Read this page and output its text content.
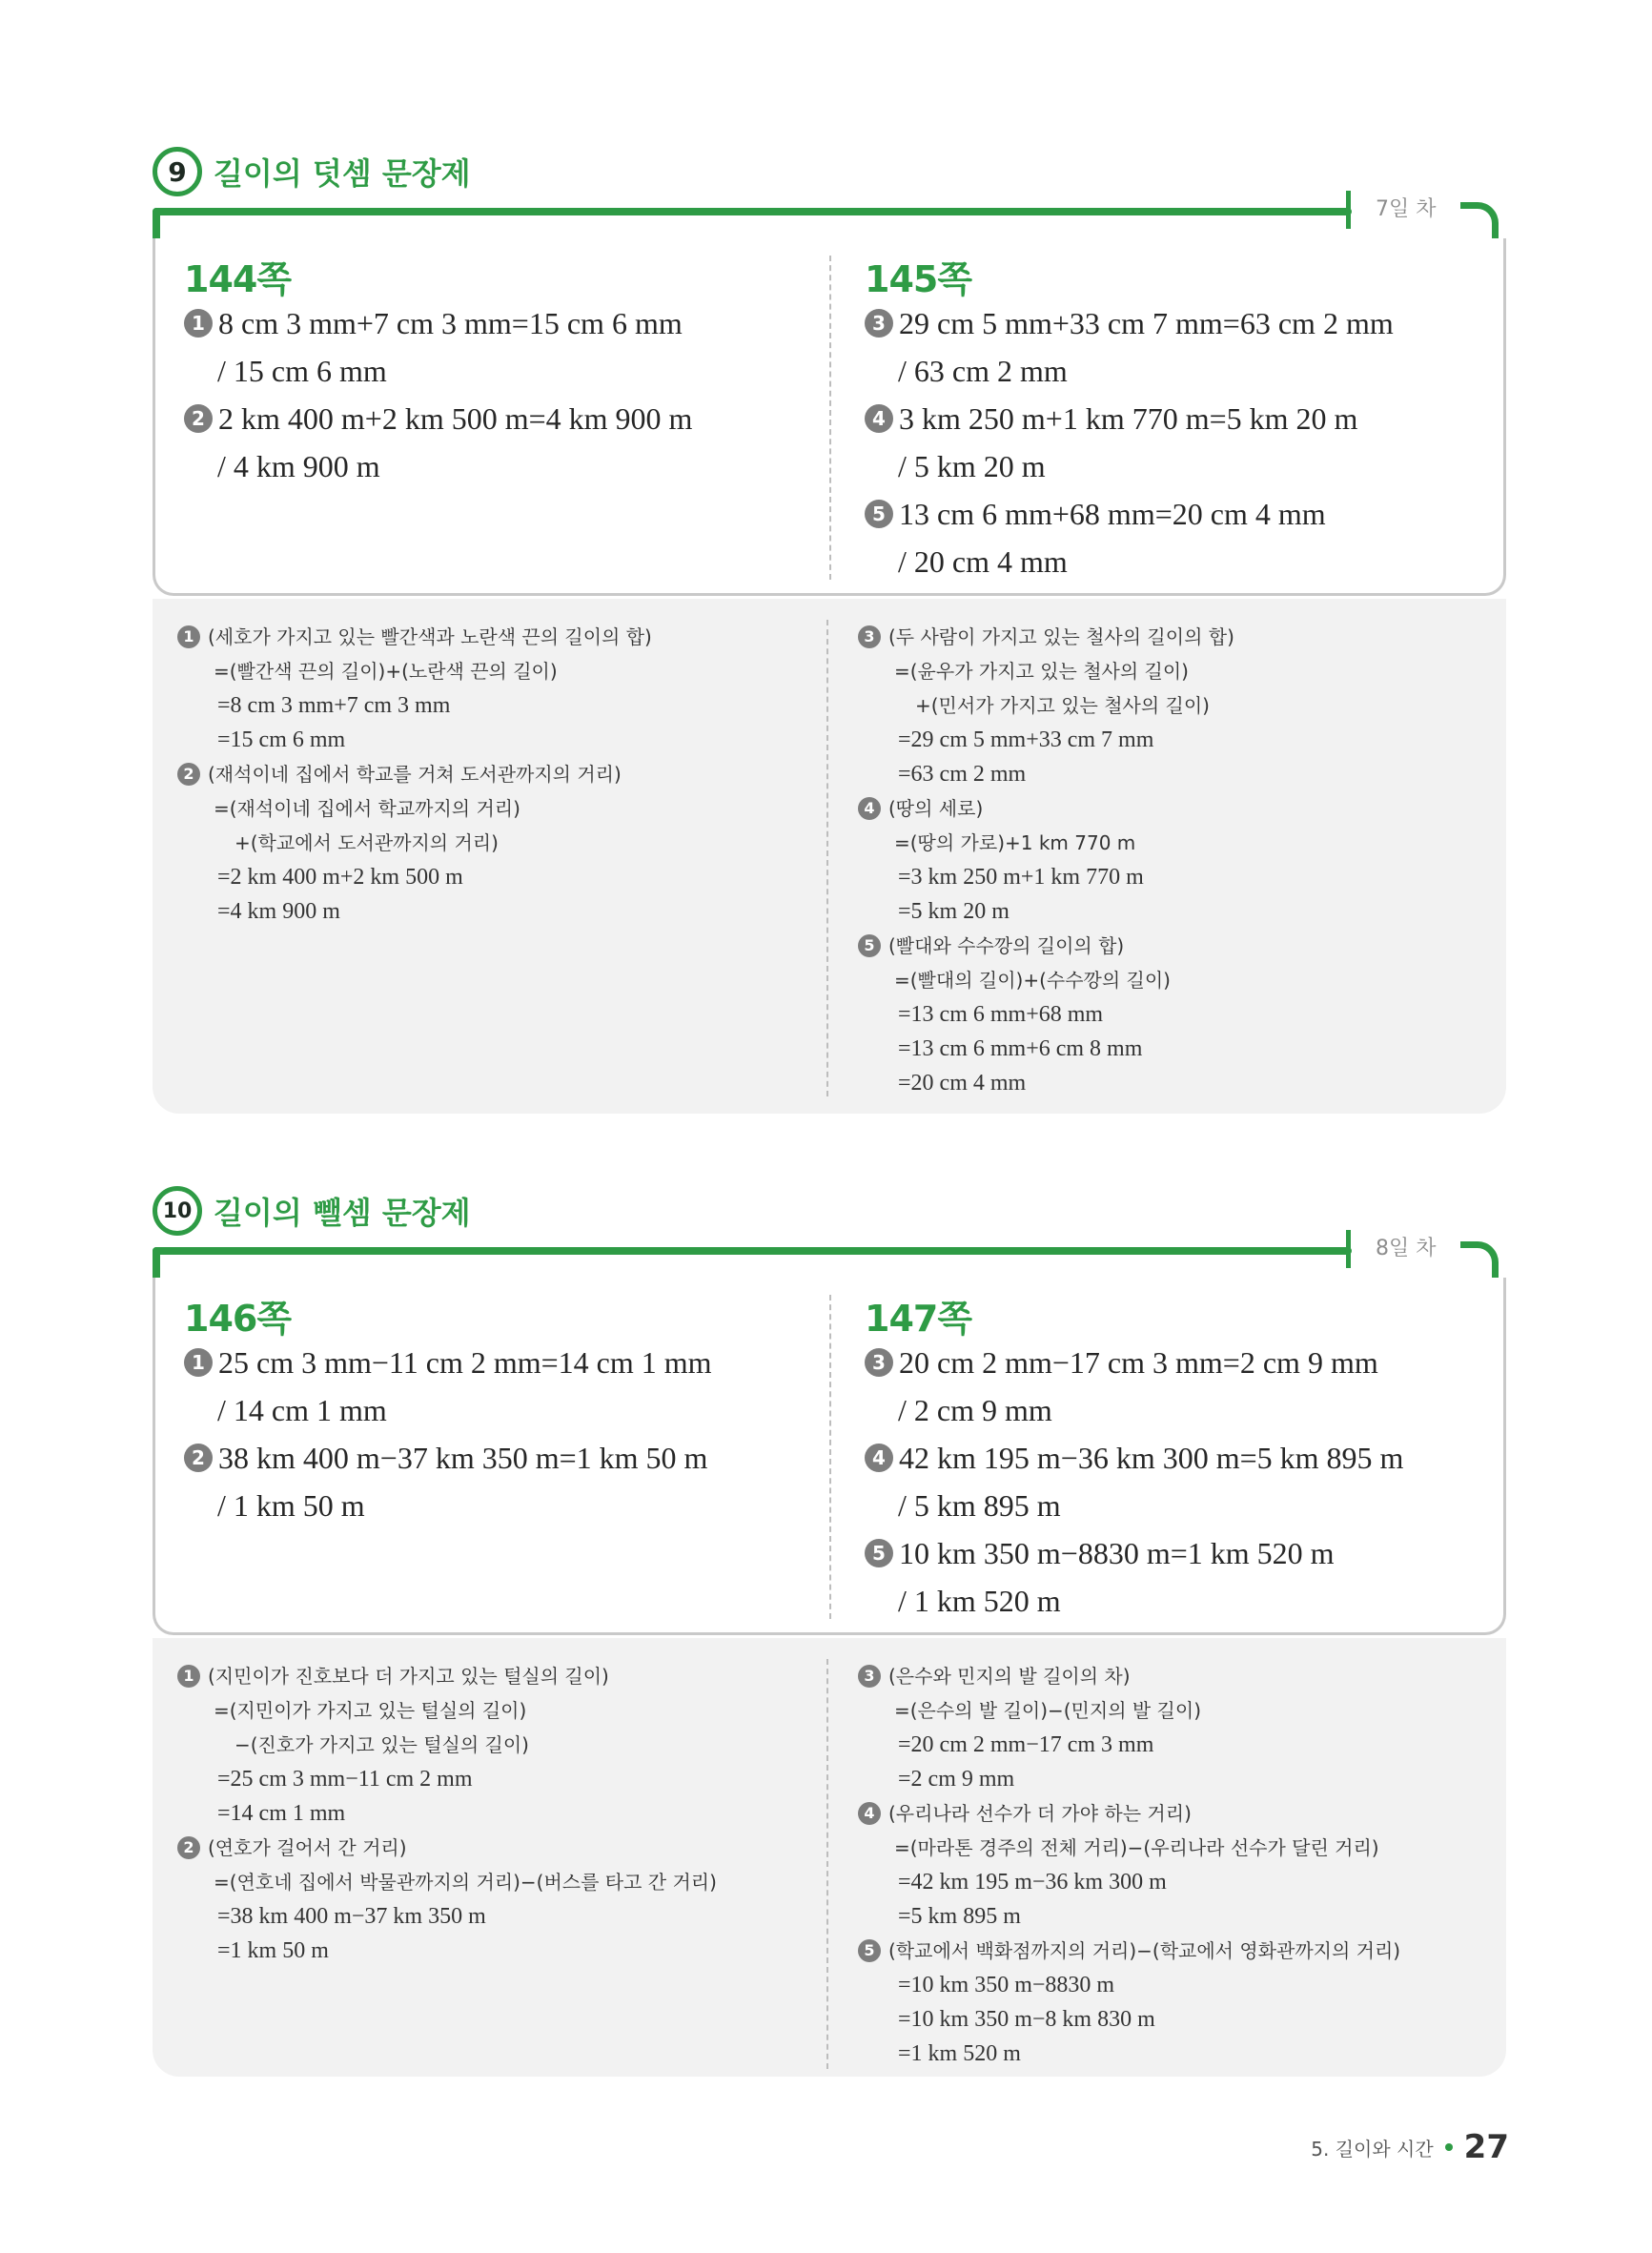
9 길이의 덧셈 문장제
7일 차
144쪽
1 8 cm 3 mm+7 cm 3 mm=15 cm 6 mm
/ 15 cm 6 mm
2 2 km 400 m+2 km 500 m=4 km 900 m
/ 4 km 900 m
145쪽
3 29 cm 5 mm+33 cm 7 mm=63 cm 2 mm
/ 63 cm 2 mm
4 3 km 250 m+1 km 770 m=5 km 20 m
/ 5 km 20 m
5 13 cm 6 mm+68 mm=20 cm 4 mm
/ 20 cm 4 mm
1 (세호가 가지고 있는 빨간색과 노란색 끈의 길이의 합)
=(빨간색 끈의 길이)+(노란색 끈의 길이)
=8 cm 3 mm+7 cm 3 mm
=15 cm 6 mm
2 (재석이네 집에서 학교를 거쳐 도서관까지의 거리)
=(재석이네 집에서 학교까지의 거리)
+(학교에서 도서관까지의 거리)
=2 km 400 m+2 km 500 m
=4 km 900 m
3 (두 사람이 가지고 있는 철사의 길이의 합)
=(윤우가 가지고 있는 철사의 길이)
+(민서가 가지고 있는 철사의 길이)
=29 cm 5 mm+33 cm 7 mm
=63 cm 2 mm
4 (땅의 세로)
=(땅의 가로)+1 km 770 m
=3 km 250 m+1 km 770 m
=5 km 20 m
5 (빨대와 수수깡의 길이의 합)
=(빨대의 길이)+(수수깡의 길이)
=13 cm 6 mm+68 mm
=13 cm 6 mm+6 cm 8 mm
=20 cm 4 mm
10 길이의 뺄셈 문장제
8일 차
146쪽
1 25 cm 3 mm−11 cm 2 mm=14 cm 1 mm
/ 14 cm 1 mm
2 38 km 400 m−37 km 350 m=1 km 50 m
/ 1 km 50 m
147쪽
3 20 cm 2 mm−17 cm 3 mm=2 cm 9 mm
/ 2 cm 9 mm
4 42 km 195 m−36 km 300 m=5 km 895 m
/ 5 km 895 m
5 10 km 350 m−8830 m=1 km 520 m
/ 1 km 520 m
1 (지민이가 진호보다 더 가지고 있는 털실의 길이)
=(지민이가 가지고 있는 털실의 길이)
−(진호가 가지고 있는 털실의 길이)
=25 cm 3 mm−11 cm 2 mm
=14 cm 1 mm
2 (연호가 걸어서 간 거리)
=(연호네 집에서 박물관까지의 거리)−(버스를 타고 간 거리)
=38 km 400 m−37 km 350 m
=1 km 50 m
3 (은수와 민지의 발 길이의 차)
=(은수의 발 길이)−(민지의 발 길이)
=20 cm 2 mm−17 cm 3 mm
=2 cm 9 mm
4 (우리나라 선수가 더 가야 하는 거리)
=(마라톤 경주의 전체 거리)−(우리나라 선수가 달린 거리)
=42 km 195 m−36 km 300 m
=5 km 895 m
5 (학교에서 백화점까지의 거리)−(학교에서 영화관까지의 거리)
=10 km 350 m−8830 m
=10 km 350 m−8 km 830 m
=1 km 520 m
5. 길이와 시간 27
